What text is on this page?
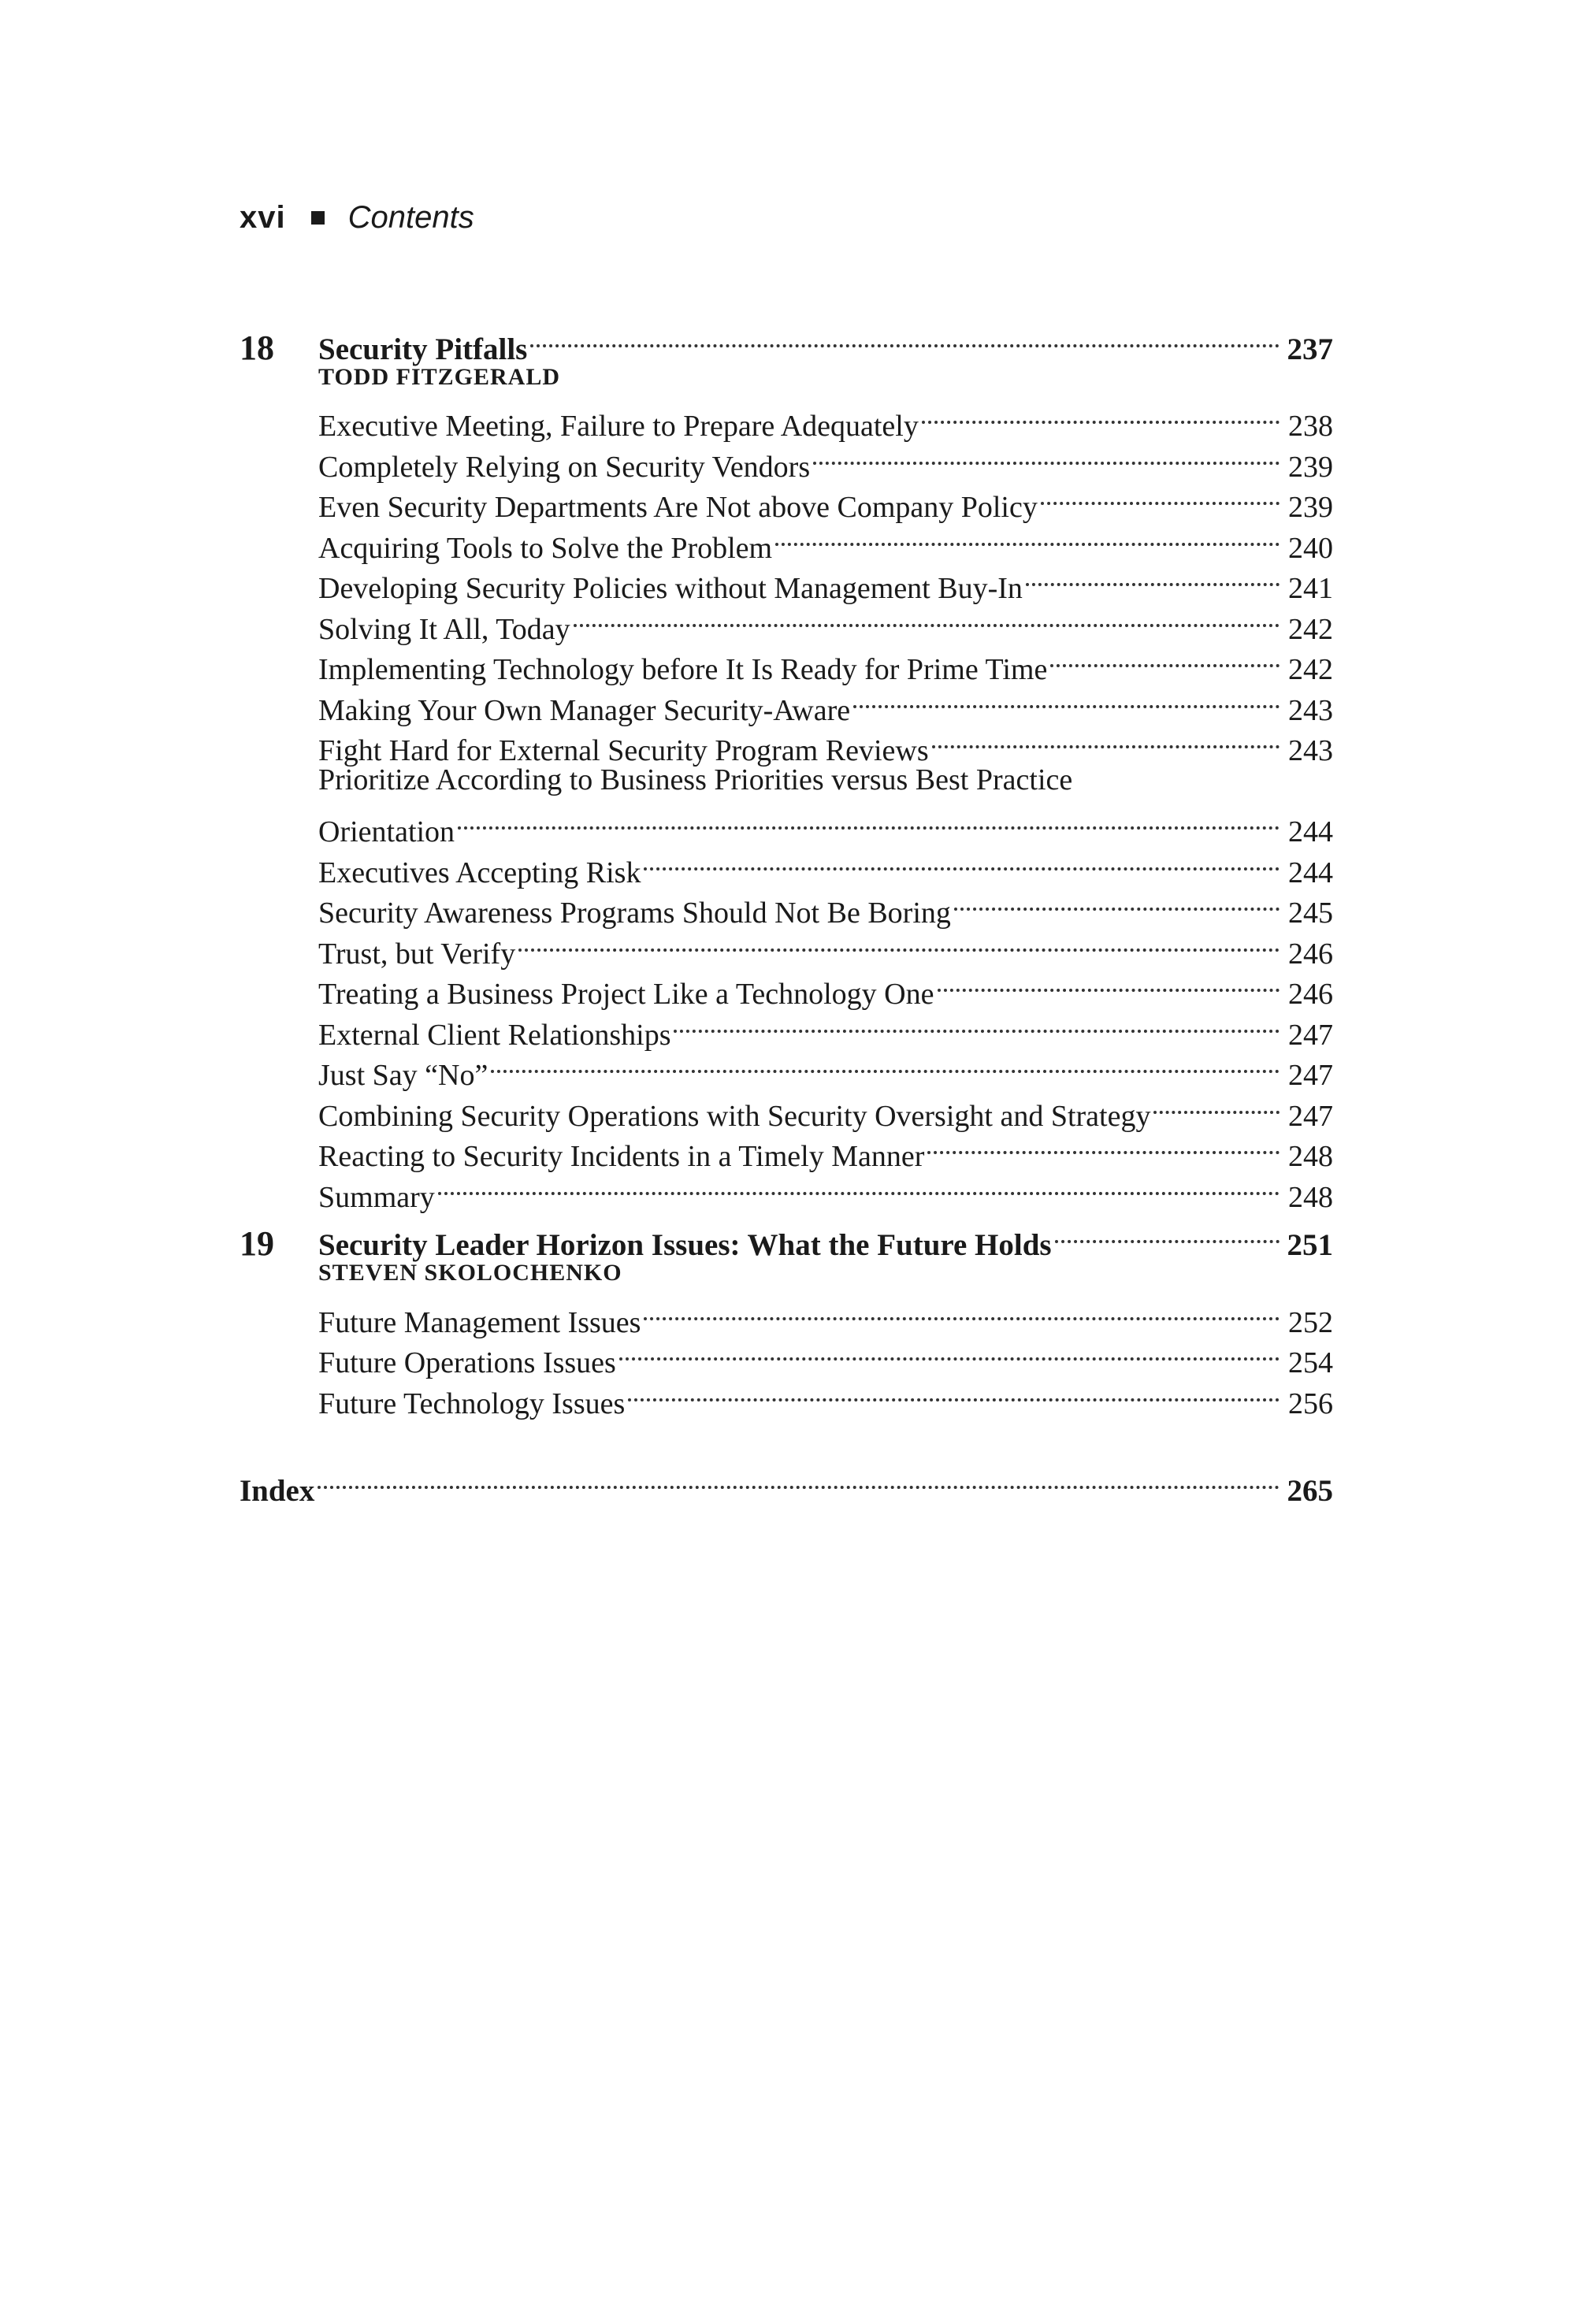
xvi Contents
18	Security Pitfalls	237
TODD FITZGERALD
Executive Meeting, Failure to Prepare Adequately	238
Completely Relying on Security Vendors	239
Even Security Departments Are Not above Company Policy	239
Acquiring Tools to Solve the Problem	240
Developing Security Policies without Management Buy-In	241
Solving It All, Today	242
Implementing Technology before It Is Ready for Prime Time	242
Making Your Own Manager Security-Aware	243
Fight Hard for External Security Program Reviews	243
Prioritize According to Business Priorities versus Best Practice
Orientation	244
Executives Accepting Risk	244
Security Awareness Programs Should Not Be Boring	245
Trust, but Verify	246
Treating a Business Project Like a Technology One	246
External Client Relationships	247
Just Say “No”	247
Combining Security Operations with Security Oversight and Strategy	247
Reacting to Security Incidents in a Timely Manner	248
Summary	248
19	Security Leader Horizon Issues: What the Future Holds	251
STEVEN SKOLOCHENKO
Future Management Issues	252
Future Operations Issues	254
Future Technology Issues	256
Index	265
